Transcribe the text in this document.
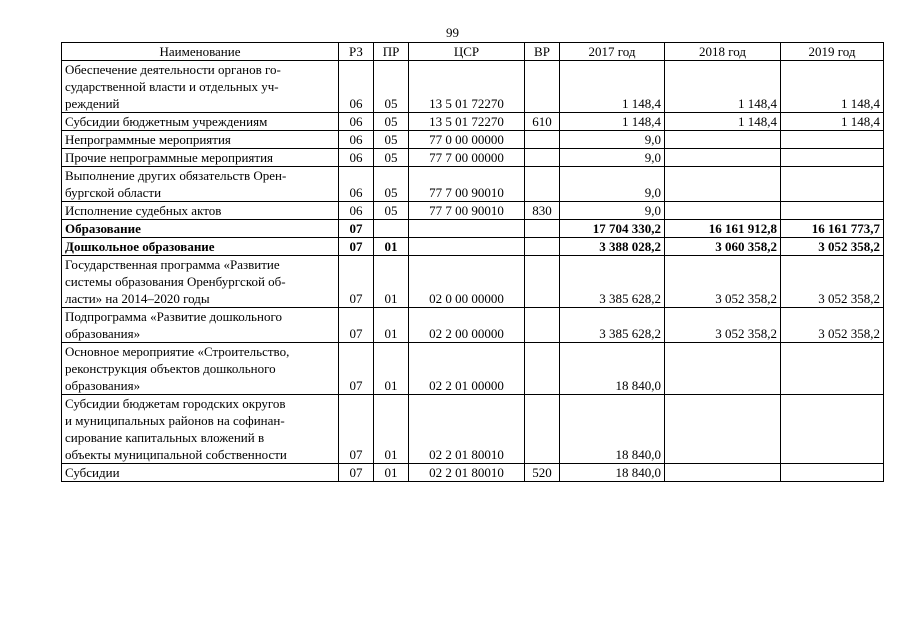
99
Наименование	РЗ	ПР	ЦСР	ВР	2017 год	2018 год	2019 год
Обеспечение деятельности органов го-
сударственной власти и отдельных уч-
реждений	06	05	13 5 01 72270		1 148,4	1 148,4	1 148,4
Субсидии бюджетным учреждениям	06	05	13 5 01 72270	610	1 148,4	1 148,4	1 148,4
Непрограммные мероприятия	06	05	77 0 00 00000		9,0		
Прочие непрограммные мероприятия	06	05	77 7 00 00000		9,0		
Выполнение других обязательств Орен-
бургской области	06	05	77 7 00 90010		9,0		
Исполнение судебных актов	06	05	77 7 00 90010	830	9,0		
Образование	07				17 704 330,2	16 161 912,8	16 161 773,7
Дошкольное образование	07	01			3 388 028,2	3 060 358,2	3 052 358,2
Государственная программа «Развитие
системы образования Оренбургской об-
ласти» на 2014–2020 годы	07	01	02 0 00 00000		3 385 628,2	3 052 358,2	3 052 358,2
Подпрограмма «Развитие дошкольного
образования»	07	01	02 2 00 00000		3 385 628,2	3 052 358,2	3 052 358,2
Основное мероприятие «Строительство,
реконструкция объектов дошкольного
образования»	07	01	02 2 01 00000		18 840,0		
Субсидии бюджетам городских округов
и муниципальных районов на софинан-
сирование капитальных вложений в
объекты муниципальной собственности	07	01	02 2 01 80010		18 840,0		
Субсидии	07	01	02 2 01 80010	520	18 840,0		
